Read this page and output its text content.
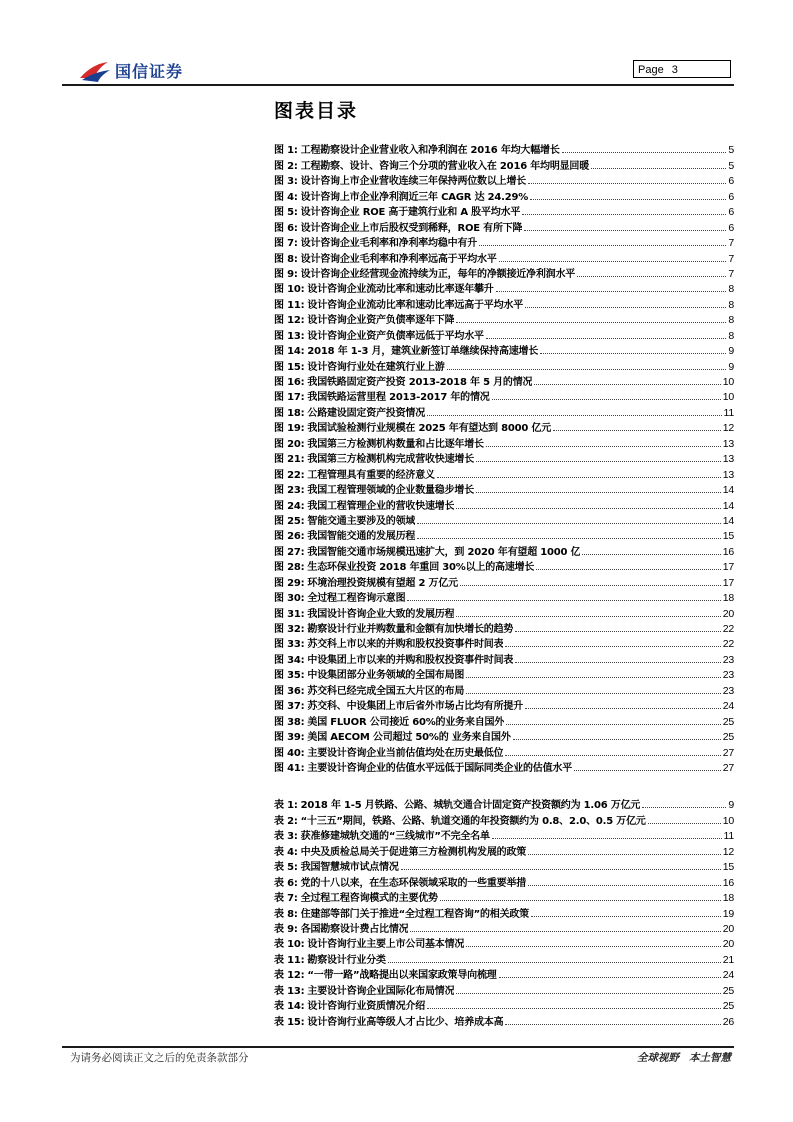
国信证券	Page 3
图表目录
图 1: 工程勘察设计企业营业收入和净利润在 2016 年均大幅增长	5
图 2: 工程勘察、设计、咨询三个分项的营业收入在 2016 年均明显回暖	5
图 3: 设计咨询上市企业营收连续三年保持两位数以上增长	6
图 4: 设计咨询上市企业净利润近三年 CAGR 达 24.29%	6
图 5: 设计咨询企业 ROE 高于建筑行业和 A 股平均水平	6
图 6: 设计咨询企业上市后股权受到稀释，ROE 有所下降	6
图 7: 设计咨询企业毛利率和净利率均稳中有升	7
图 8: 设计咨询企业毛利率和净利率远高于平均水平	7
图 9: 设计咨询企业经营现金流持续为正，每年的净额接近净利润水平	7
图 10: 设计咨询企业流动比率和速动比率逐年攀升	8
图 11: 设计咨询企业流动比率和速动比率远高于平均水平	8
图 12: 设计咨询企业资产负债率逐年下降	8
图 13: 设计咨询企业资产负债率远低于平均水平	8
图 14: 2018 年 1-3 月，建筑业新签订单继续保持高速增长	9
图 15: 设计咨询行业处在建筑行业上游	9
图 16: 我国铁路固定资产投资 2013-2018 年 5 月的情况	10
图 17: 我国铁路运营里程 2013-2017 年的情况	10
图 18: 公路建设固定资产投资情况	11
图 19: 我国试验检测行业规模在 2025 年有望达到 8000 亿元	12
图 20: 我国第三方检测机构数量和占比逐年增长	13
图 21: 我国第三方检测机构完成营收快速增长	13
图 22: 工程管理具有重要的经济意义	13
图 23: 我国工程管理领域的企业数量稳步增长	14
图 24: 我国工程管理企业的营收快速增长	14
图 25: 智能交通主要涉及的领域	14
图 26: 我国智能交通的发展历程	15
图 27: 我国智能交通市场规模迅速扩大，到 2020 年有望超 1000 亿	16
图 28: 生态环保业投资 2018 年重回 30%以上的高速增长	17
图 29: 环境治理投资规模有望超 2 万亿元	17
图 30: 全过程工程咨询示意图	18
图 31: 我国设计咨询企业大致的发展历程	20
图 32: 勘察设计行业并购数量和金额有加快增长的趋势	22
图 33: 苏交科上市以来的并购和股权投资事件时间表	22
图 34: 中设集团上市以来的并购和股权投资事件时间表	23
图 35: 中设集团部分业务领域的全国布局图	23
图 36: 苏交科已经完成全国五大片区的布局	23
图 37: 苏交科、中设集团上市后省外市场占比均有所提升	24
图 38: 美国 FLUOR 公司接近 60%的业务来自国外	25
图 39: 美国 AECOM 公司超过 50%的 业务来自国外	25
图 40: 主要设计咨询企业当前估值均处在历史最低位	27
图 41: 主要设计咨询企业的估值水平远低于国际同类企业的估值水平	27
表 1: 2018 年 1-5 月铁路、公路、城轨交通合计固定资产投资额约为 1.06 万亿元	9
表 2: “十三五”期间，铁路、公路、轨道交通的年投资额约为 0.8、2.0、0.5 万亿元	10
表 3: 获准修建城轨交通的“三线城市”不完全名单	11
表 4: 中央及质检总局关于促进第三方检测机构发展的政策	12
表 5: 我国智慧城市试点情况	15
表 6: 党的十八以来，在生态环保领域采取的一些重要举措	16
表 7: 全过程工程咨询模式的主要优势	18
表 8: 住建部等部门关于推进“全过程工程咨询”的相关政策	19
表 9: 各国勘察设计费占比情况	20
表 10: 设计咨询行业主要上市公司基本情况	20
表 11: 勘察设计行业分类	21
表 12: “一带一路”战略提出以来国家政策导向梳理	24
表 13: 主要设计咨询企业国际化布局情况	25
表 14: 设计咨询行业资质情况介绍	25
表 15: 设计咨询行业高等级人才占比少、培养成本高	26
为请务必阅读正文之后的免责条款部分	全球视野 本土智慧
